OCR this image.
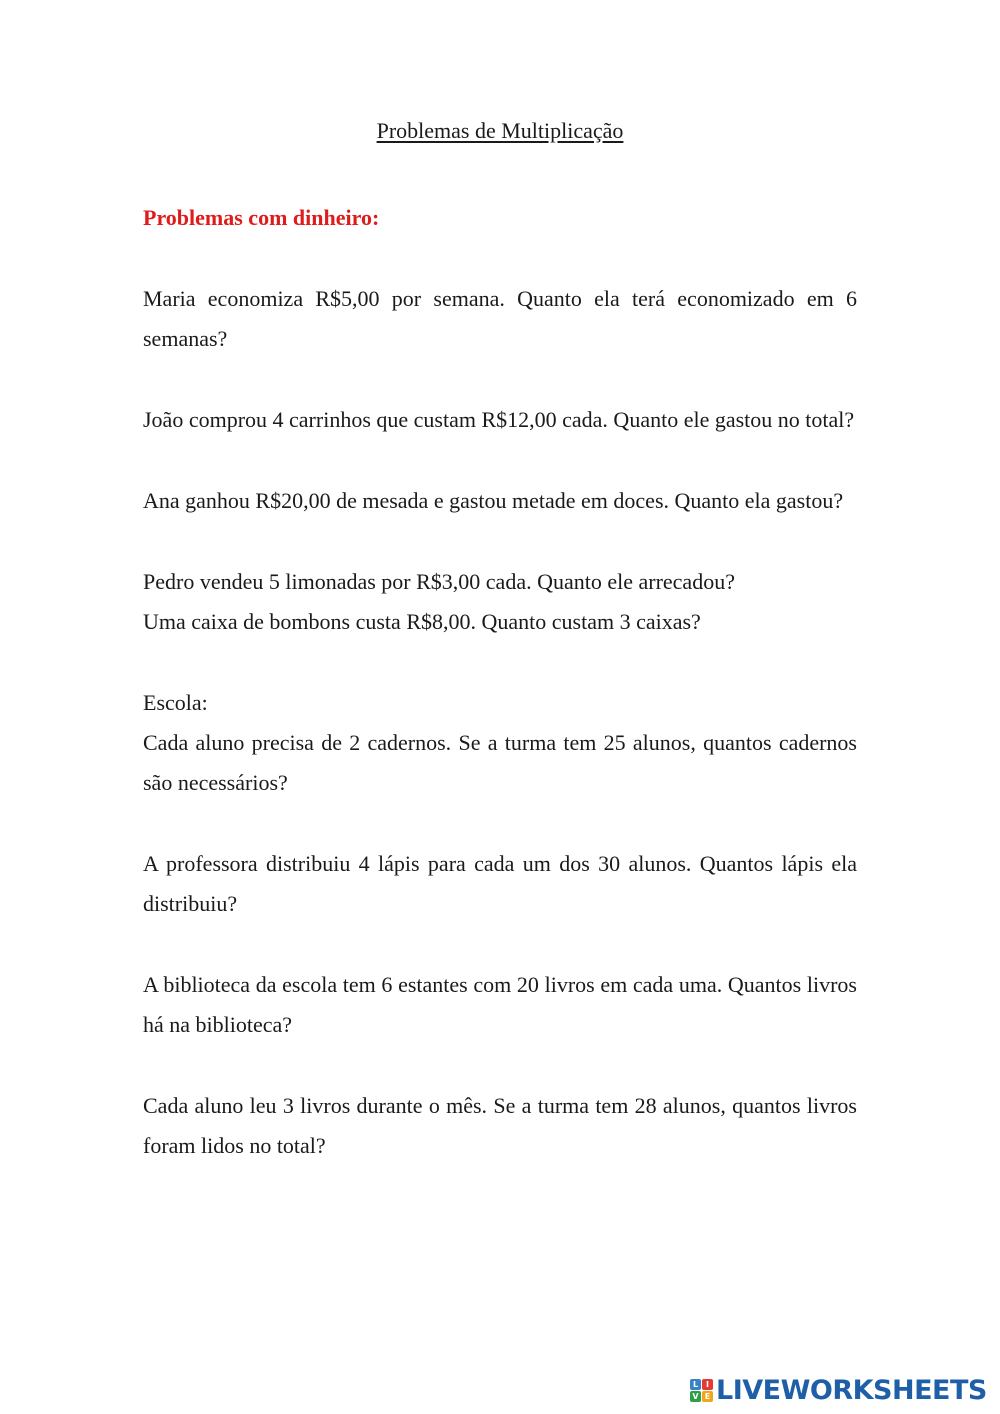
Problemas de Multiplicação

Problemas com dinheiro:

Maria economiza R$5,00 por semana. Quanto ela terá economizado em 6 semanas?

João comprou 4 carrinhos que custam R$12,00 cada. Quanto ele gastou no total?

Ana ganhou R$20,00 de mesada e gastou metade em doces. Quanto ela gastou?

Pedro vendeu 5 limonadas por R$3,00 cada. Quanto ele arrecadou?

Uma caixa de bombons custa R$8,00. Quanto custam 3 caixas?

Escola:

Cada aluno precisa de 2 cadernos. Se a turma tem 25 alunos, quantos cadernos são necessários?

A professora distribuiu 4 lápis para cada um dos 30 alunos. Quantos lápis ela distribuiu?

A biblioteca da escola tem 6 estantes com 20 livros em cada uma. Quantos livros há na biblioteca?

Cada aluno leu 3 livros durante o mês. Se a turma tem 28 alunos, quantos livros foram lidos no total?

L I
V E LIVEWORKSHEETS
